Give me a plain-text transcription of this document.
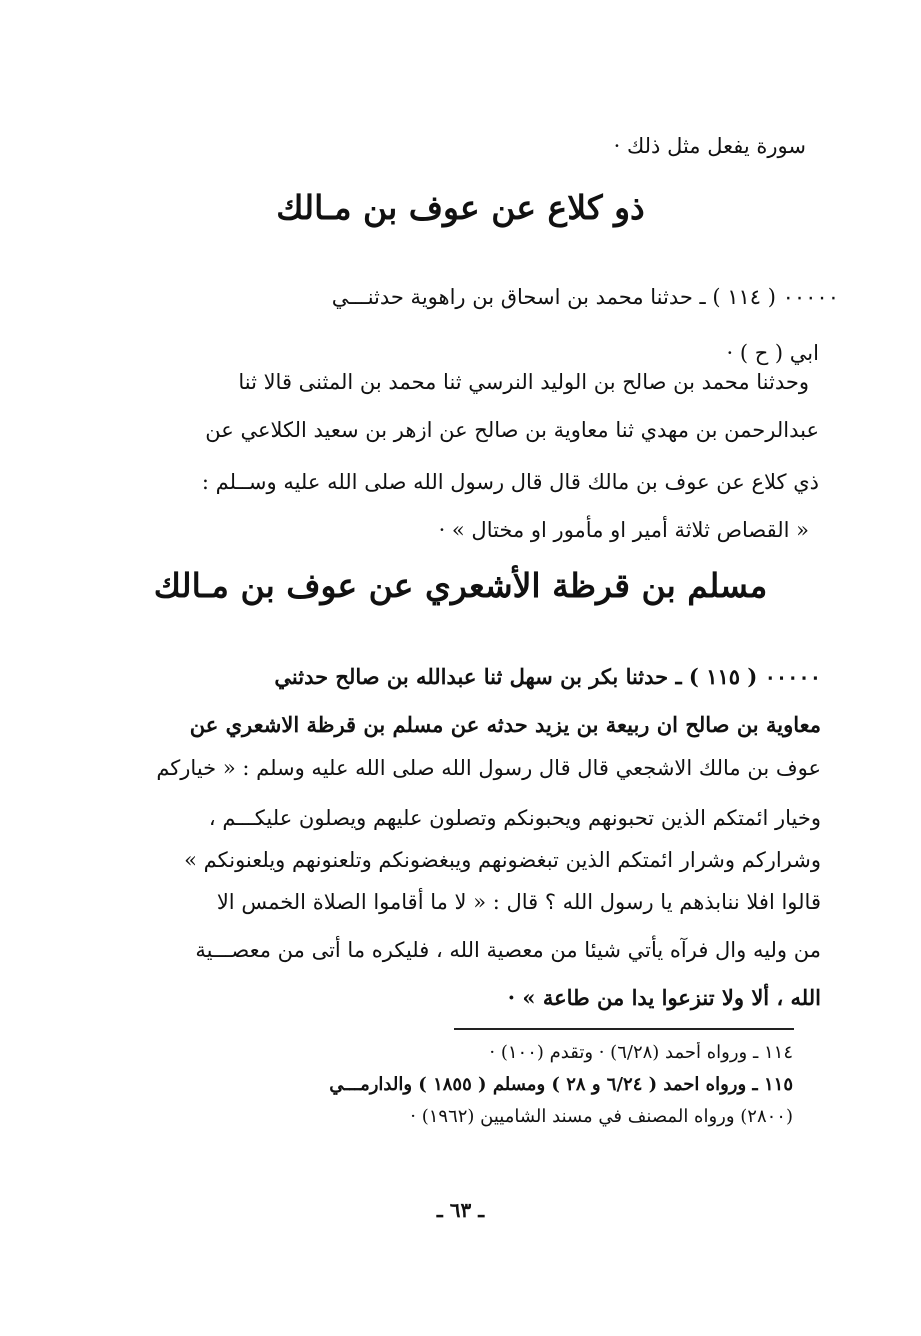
سورة يفعل مثل ذلك ·
ذو كلاع عن عوف بن مـالك
٠٠٠٠٠ ( ١١٤ ) ـ حدثنا محمد بن اسحاق بن راهوية حدثنـــي
ابي ( ح ) ·
وحدثنا محمد بن صالح بن الوليد النرسي ثنا محمد بن المثنى قالا ثنا
عبدالرحمن بن مهدي ثنا معاوية بن صالح عن ازهر بن سعيد الكلاعي عن
ذي كلاع عن عوف بن مالك قال قال رسول الله صلى الله عليه وســلم :
« القصاص ثلاثة أمير او مأمور او مختال » ·
مسلم بن قرظة الأشعري عن عوف بن مـالك
٠٠٠٠٠ ( ١١٥ ) ـ حدثنا بكر بن سهل ثنا عبدالله بن صالح حدثني
معاوية بن صالح ان ربيعة بن يزيد حدثه عن مسلم بن قرظة الاشعري عن
عوف بن مالك الاشجعي قال قال رسول الله صلى الله عليه وسلم : « خياركم
وخيار ائمتكم الذين تحبونهم ويحبونكم وتصلون عليهم ويصلون عليكـــم ،
وشراركم وشرار ائمتكم الذين تبغضونهم ويبغضونكم وتلعنونهم ويلعنونكم »
قالوا افلا ننابذهم يا رسول الله ؟ قال : « لا ما أقاموا الصلاة الخمس الا
من وليه وال فرآه يأتي شيئا من معصية الله ، فليكره ما أتى من معصـــية
الله ، ألا ولا تنزعوا يدا من طاعة » ·
١١٤ ـ ورواه أحمد (٦/٢٨) · وتقدم (١٠٠) ·
١١٥ ـ ورواه احمد ( ٦/٢٤ و ٢٨ ) ومسلم ( ١٨٥٥ ) والدارمـــي
(٢٨٠٠) ورواه المصنف في مسند الشاميين (١٩٦٢) ·
ـ ٦٣ ـ
